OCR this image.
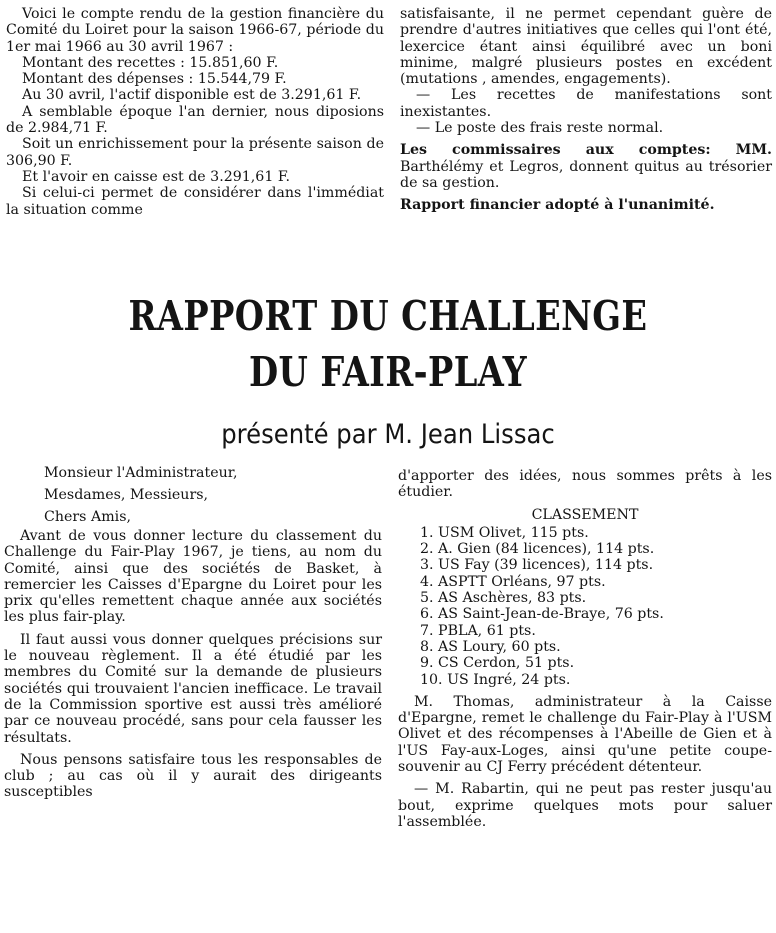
Voici le compte rendu de la gestion financière du Comité du Loiret pour la saison 1966-67, période du 1er mai 1966 au 30 avril 1967 :

Montant des recettes : 15.851,60 F.

Montant des dépenses : 15.544,79 F.

Au 30 avril, l'actif disponible est de 3.291,61 F.

A semblable époque l'an dernier, nous diposions de 2.984,71 F.

Soit un enrichissement pour la présente saison de 306,90 F.

Et l'avoir en caisse est de 3.291,61 F.

Si celui-ci permet de considérer dans l'immédiat la situation comme

satisfaisante, il ne permet cependant guère de prendre d'autres initiatives que celles qui l'ont été, lexercice étant ainsi équilibré avec un boni minime, malgré plusieurs postes en excédent (mutations , amendes, engagements).

— Les recettes de manifestations sont inexistantes.

— Le poste des frais reste normal.

Les commissaires aux comptes: MM. Barthélémy et Legros, donnent quitus au trésorier de sa gestion.

Rapport financier adopté à l'unanimité.

RAPPORT DU CHALLENGE
DU FAIR-PLAY

présenté par M. Jean Lissac

Monsieur l'Administrateur,
Mesdames, Messieurs,
Chers Amis,

Avant de vous donner lecture du classement du Challenge du Fair-Play 1967, je tiens, au nom du Comité, ainsi que des sociétés de Basket, à remercier les Caisses d'Epargne du Loiret pour les prix qu'elles remettent chaque année aux sociétés les plus fair-play.

Il faut aussi vous donner quelques précisions sur le nouveau règlement. Il a été étudié par les membres du Comité sur la demande de plusieurs sociétés qui trouvaient l'ancien inefficace. Le travail de la Commission sportive est aussi très amélioré par ce nouveau procédé, sans pour cela fausser les résultats.

Nous pensons satisfaire tous les responsables de club ; au cas où il y aurait des dirigeants susceptibles

d'apporter des idées, nous sommes prêts à les étudier.

CLASSEMENT

1. USM Olivet, 115 pts.
2. A. Gien (84 licences), 114 pts.
3. US Fay (39 licences), 114 pts.
4. ASPTT Orléans, 97 pts.
5. AS Aschères, 83 pts.
6. AS Saint-Jean-de-Braye, 76 pts.
7. PBLA, 61 pts.
8. AS Loury, 60 pts.
9. CS Cerdon, 51 pts.
10. US Ingré, 24 pts.

M. Thomas, administrateur à la Caisse d'Epargne, remet le challenge du Fair-Play à l'USM Olivet et des récompenses à l'Abeille de Gien et à l'US Fay-aux-Loges, ainsi qu'une petite coupe-souvenir au CJ Ferry précédent détenteur.

— M. Rabartin, qui ne peut pas rester jusqu'au bout, exprime quelques mots pour saluer l'assemblée.
